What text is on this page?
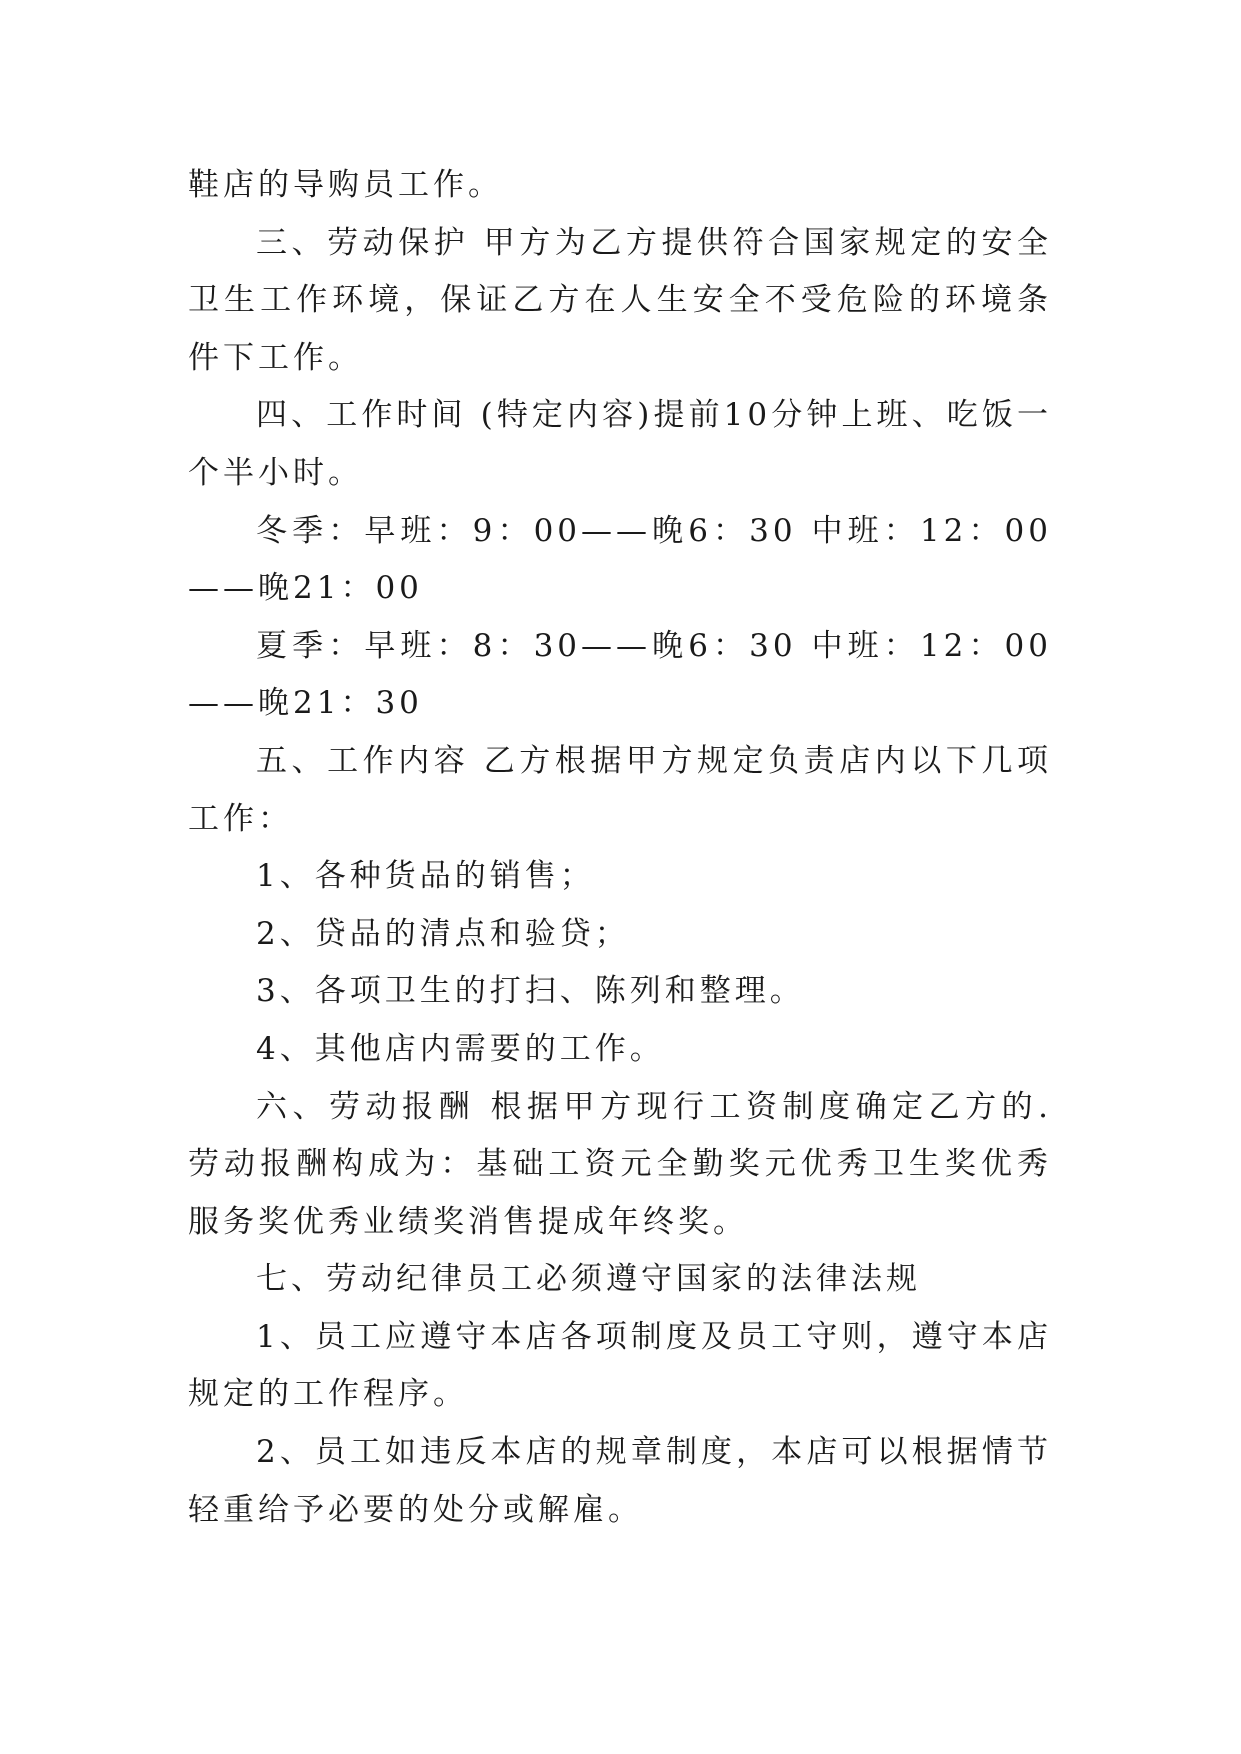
鞋店的导购员工作。

三、劳动保护 甲方为乙方提供符合国家规定的安全卫生工作环境，保证乙方在人生安全不受危险的环境条件下工作。

四、工作时间 (特定内容)提前10分钟上班、吃饭一个半小时。

冬季：早班：9：00——晚6：30 中班：12：00——晚21：00

夏季：早班：8：30——晚6：30 中班：12：00——晚21：30

五、工作内容 乙方根据甲方规定负责店内以下几项工作：

1、各种货品的销售；

2、贷品的清点和验贷；

3、各项卫生的打扫、陈列和整理。

4、其他店内需要的工作。

六、劳动报酬 根据甲方现行工资制度确定乙方的.劳动报酬构成为：基础工资元全勤奖元优秀卫生奖优秀服务奖优秀业绩奖消售提成年终奖。

七、劳动纪律员工必须遵守国家的法律法规

1、员工应遵守本店各项制度及员工守则，遵守本店规定的工作程序。

2、员工如违反本店的规章制度，本店可以根据情节轻重给予必要的处分或解雇。
